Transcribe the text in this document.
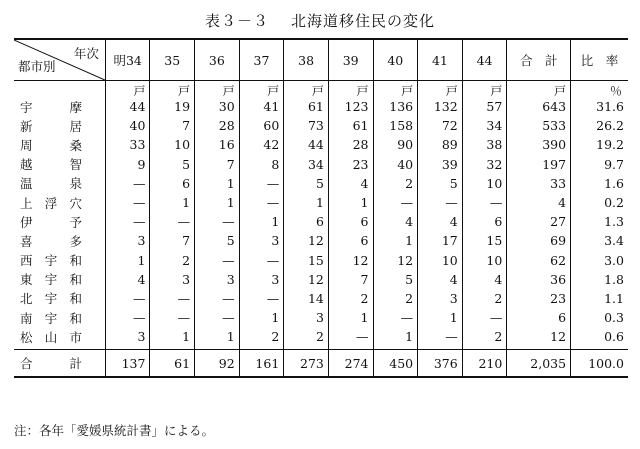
表３－３ 北海道移住民の変化
年次
都市別	明34	35	36	37	38	39	40	41	44	合　計	比　率
	戸	戸	戸	戸	戸	戸	戸	戸	戸	戸	％

宇 摩	44	19	30	41	61	123	136	132	57	643	31.6

新 居	40	7	28	60	73	61	158	72	34	533	26.2

周 桑	33	10	16	42	44	28	90	89	38	390	19.2

越 智	9	5	7	8	34	23	40	39	32	197	9.7

温 泉	—	6	1	—	5	4	2	5	10	33	1.6

上 浮 穴	—	1	1	—	1	1	—	—	—	4	0.2

伊 予	—	—	—	1	6	6	4	4	6	27	1.3

喜 多	3	7	5	3	12	6	1	17	15	69	3.4

西 宇 和	1	2	—	—	15	12	12	10	10	62	3.0

東 宇 和	4	3	3	3	12	7	5	4	4	36	1.8

北 宇 和	—	—	—	—	14	2	2	3	2	23	1.1

南 宇 和	—	—	—	1	3	1	—	1	—	6	0.3

松 山 市	3	1	1	2	2	—	1	—	2	12	0.6

合 計	137	61	92	161	273	274	450	376	210	2,035	100.0
注：各年「愛媛県統計書」による。
